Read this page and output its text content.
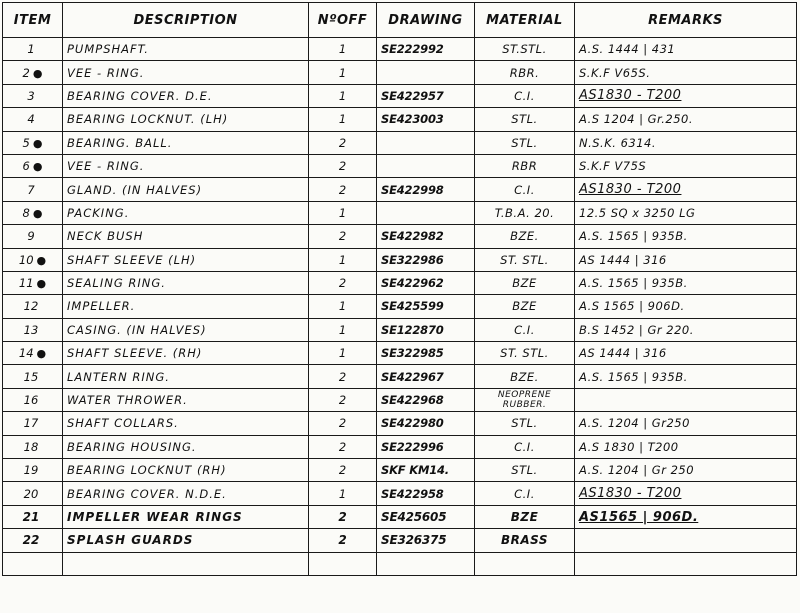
ITEM	DESCRIPTION	NºOFF	DRAWING	MATERIAL	REMARKS
1	PUMPSHAFT.	1	SE222992	ST.STL.	A.S. 1444 | 431
2 ●	VEE - RING.	1		RBR.	S.K.F V65S.
3	BEARING COVER. D.E.	1	SE422957	C.I.	AS1830 - T200
4	BEARING LOCKNUT. (LH)	1	SE423003	STL.	A.S 1204 | Gr.250.
5 ●	BEARING. BALL.	2		STL.	N.S.K. 6314.
6 ●	VEE - RING.	2		RBR	S.K.F V75S
7	GLAND. (IN HALVES)	2	SE422998	C.I.	AS1830 - T200
8 ●	PACKING.	1		T.B.A. 20.	12.5 SQ x 3250 LG
9	NECK BUSH	2	SE422982	BZE.	A.S. 1565 | 935B.
10 ●	SHAFT SLEEVE (LH)	1	SE322986	ST. STL.	AS 1444 | 316
11 ●	SEALING RING.	2	SE422962	BZE	A.S. 1565 | 935B.
12	IMPELLER.	1	SE425599	BZE	A.S 1565 | 906D.
13	CASING. (IN HALVES)	1	SE122870	C.I.	B.S 1452 | Gr 220.
14 ●	SHAFT SLEEVE. (RH)	1	SE322985	ST. STL.	AS 1444 | 316
15	LANTERN RING.	2	SE422967	BZE.	A.S. 1565 | 935B.
16	WATER THROWER.	2	SE422968	NEOPRENE RUBBER.	
17	SHAFT COLLARS.	2	SE422980	STL.	A.S. 1204 | Gr250
18	BEARING HOUSING.	2	SE222996	C.I.	A.S 1830 | T200
19	BEARING LOCKNUT (RH)	2	SKF KM14.	STL.	A.S. 1204 | Gr 250
20	BEARING COVER. N.D.E.	1	SE422958	C.I.	AS1830 - T200
21	IMPELLER WEAR RINGS	2	SE425605	BZE	AS1565 | 906D.
22	SPLASH GUARDS	2	SE326375	BRASS	
